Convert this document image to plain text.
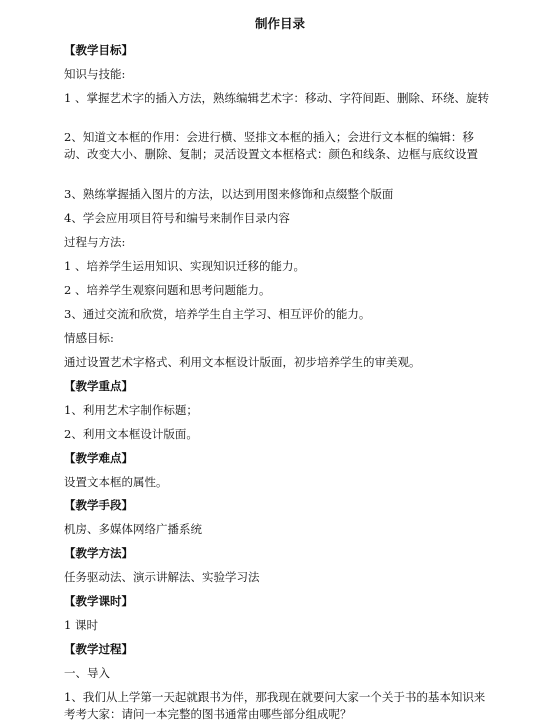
制作目录
【教学目标】
知识与技能:
1 、掌握艺术字的插入方法，熟练编辑艺术字：移动、字符间距、删除、环绕、旋转
2、知道文本框的作用：会进行横、竖排文本框的插入；会进行文本框的编辑：移动、改变大小、删除、复制；灵活设置文本框格式：颜色和线条、边框与底纹设置
3、熟练掌握插入图片的方法，以达到用图来修饰和点缀整个版面
4、学会应用项目符号和编号来制作目录内容
过程与方法:
1 、培养学生运用知识、实现知识迁移的能力。
2 、培养学生观察问题和思考问题能力。
3、通过交流和欣赏，培养学生自主学习、相互评价的能力。
情感目标:
通过设置艺术字格式、利用文本框设计版面，初步培养学生的审美观。
【教学重点】
1、利用艺术字制作标题；
2、利用文本框设计版面。
【教学难点】
设置文本框的属性。
【教学手段】
机房、多媒体网络广播系统
【教学方法】
任务驱动法、演示讲解法、实验学习法
【教学课时】
1 课时
【教学过程】
一、导入
1、我们从上学第一天起就跟书为伴，那我现在就要问大家一个关于书的基本知识来考考大家：请问一本完整的图书通常由哪些部分组成呢？
